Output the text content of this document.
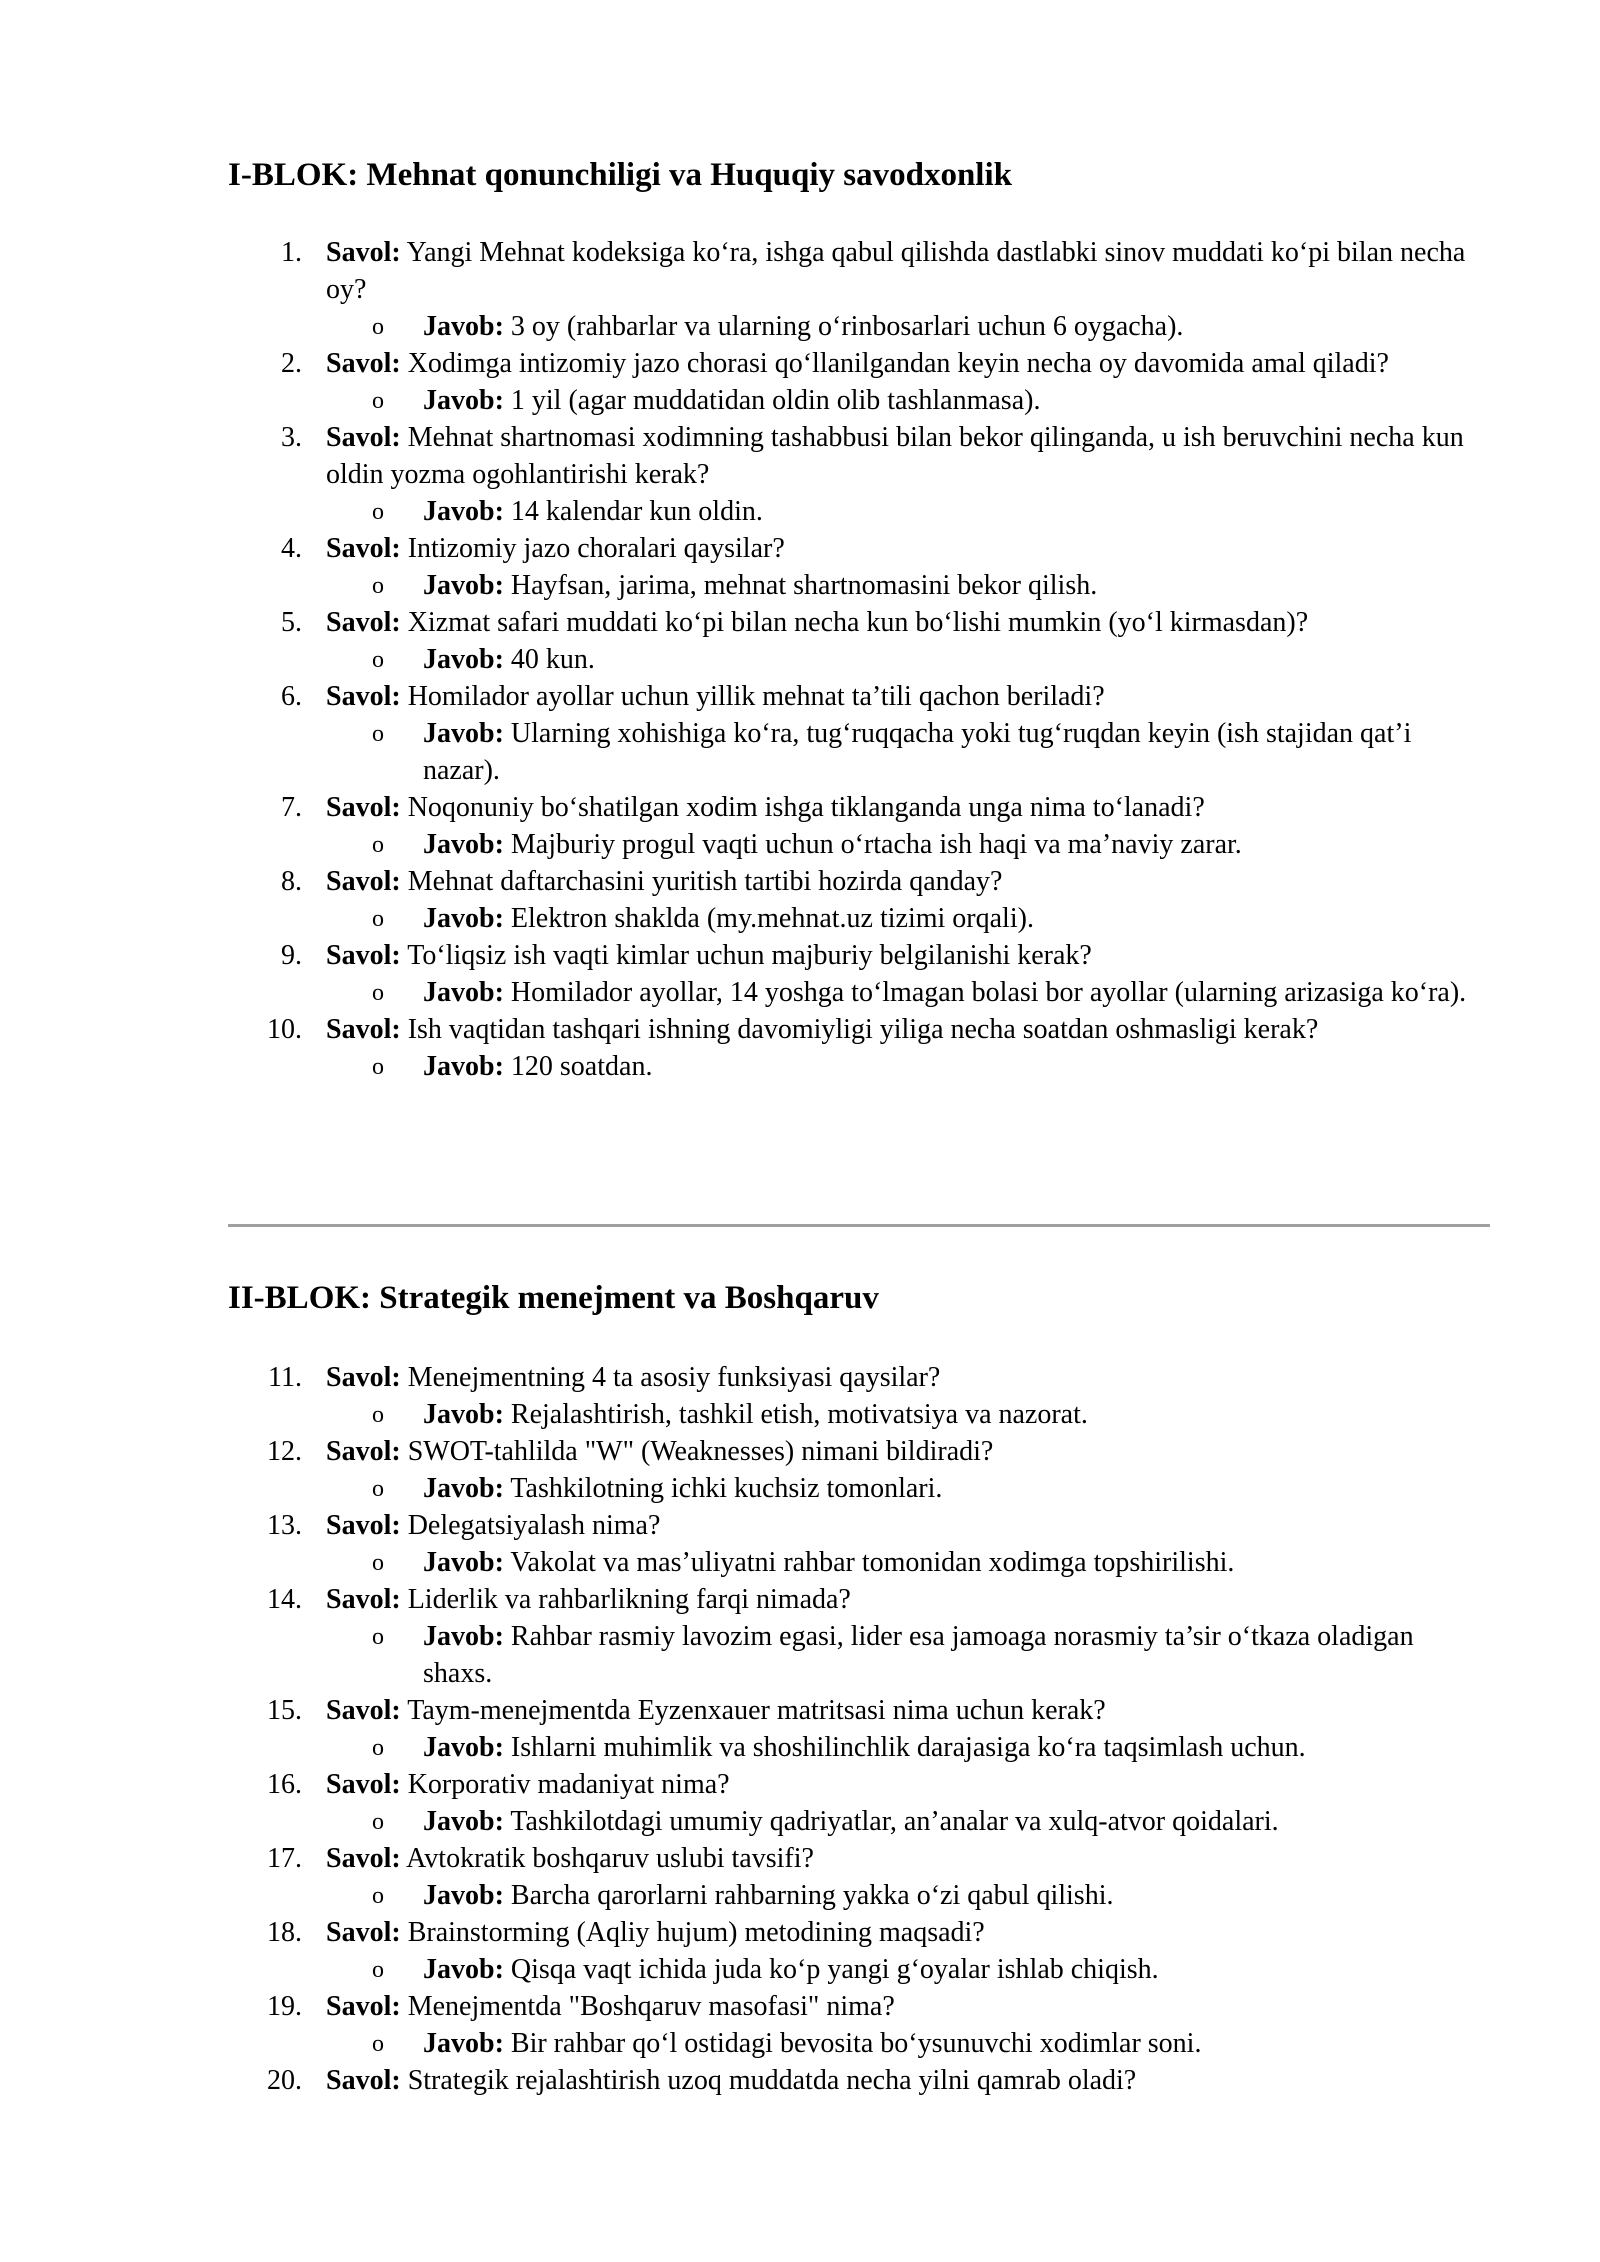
I-BLOK: Mehnat qonunchiligi va Huquqiy savodxonlik
1. Savol: Yangi Mehnat kodeksiga ko‘ra, ishga qabul qilishda dastlabki sinov muddati ko‘pi bilan necha oy?
o Javob: 3 oy (rahbarlar va ularning o‘rinbosarlari uchun 6 oygacha).
2. Savol: Xodimga intizomiy jazo chorasi qo‘llanilgandan keyin necha oy davomida amal qiladi?
o Javob: 1 yil (agar muddatidan oldin olib tashlanmasa).
3. Savol: Mehnat shartnomasi xodimning tashabbusi bilan bekor qilinganda, u ish beruvchini necha kun oldin yozma ogohlantirishi kerak?
o Javob: 14 kalendar kun oldin.
4. Savol: Intizomiy jazo choralari qaysilar?
o Javob: Hayfsan, jarima, mehnat shartnomasini bekor qilish.
5. Savol: Xizmat safari muddati ko‘pi bilan necha kun bo‘lishi mumkin (yo‘l kirmasdan)?
o Javob: 40 kun.
6. Savol: Homilador ayollar uchun yillik mehnat ta’tili qachon beriladi?
o Javob: Ularning xohishiga ko‘ra, tug‘ruqqacha yoki tug‘ruqdan keyin (ish stajidan qat’i nazar).
7. Savol: Noqonuniy bo‘shatilgan xodim ishga tiklanganda unga nima to‘lanadi?
o Javob: Majburiy progul vaqti uchun o‘rtacha ish haqi va ma’naviy zarar.
8. Savol: Mehnat daftarchasini yuritish tartibi hozirda qanday?
o Javob: Elektron shaklda (my.mehnat.uz tizimi orqali).
9. Savol: To‘liqsiz ish vaqti kimlar uchun majburiy belgilanishi kerak?
o Javob: Homilador ayollar, 14 yoshga to‘lmagan bolasi bor ayollar (ularning arizasiga ko‘ra).
10. Savol: Ish vaqtidan tashqari ishning davomiyligi yiliga necha soatdan oshmasligi kerak?
o Javob: 120 soatdan.
II-BLOK: Strategik menejment va Boshqaruv
11. Savol: Menejmentning 4 ta asosiy funksiyasi qaysilar?
o Javob: Rejalashtirish, tashkil etish, motivatsiya va nazorat.
12. Savol: SWOT-tahlilda "W" (Weaknesses) nimani bildiradi?
o Javob: Tashkilotning ichki kuchsiz tomonlari.
13. Savol: Delegatsiyalash nima?
o Javob: Vakolat va mas’uliyatni rahbar tomonidan xodimga topshirilishi.
14. Savol: Liderlik va rahbarlikning farqi nimada?
o Javob: Rahbar rasmiy lavozim egasi, lider esa jamoaga norasmiy ta’sir o‘tkaza oladigan shaxs.
15. Savol: Taym-menejmentda Eyzenxauer matritsasi nima uchun kerak?
o Javob: Ishlarni muhimlik va shoshilinchlik darajasiga ko‘ra taqsimlash uchun.
16. Savol: Korporativ madaniyat nima?
o Javob: Tashkilotdagi umumiy qadriyatlar, an’analar va xulq-atvor qoidalari.
17. Savol: Avtokratik boshqaruv uslubi tavsifi?
o Javob: Barcha qarorlarni rahbarning yakka o‘zi qabul qilishi.
18. Savol: Brainstorming (Aqliy hujum) metodining maqsadi?
o Javob: Qisqa vaqt ichida juda ko‘p yangi g‘oyalar ishlab chiqish.
19. Savol: Menejmentda "Boshqaruv masofasi" nima?
o Javob: Bir rahbar qo‘l ostidagi bevosita bo‘ysunuvchi xodimlar soni.
20. Savol: Strategik rejalashtirish uzoq muddatda necha yilni qamrab oladi?
